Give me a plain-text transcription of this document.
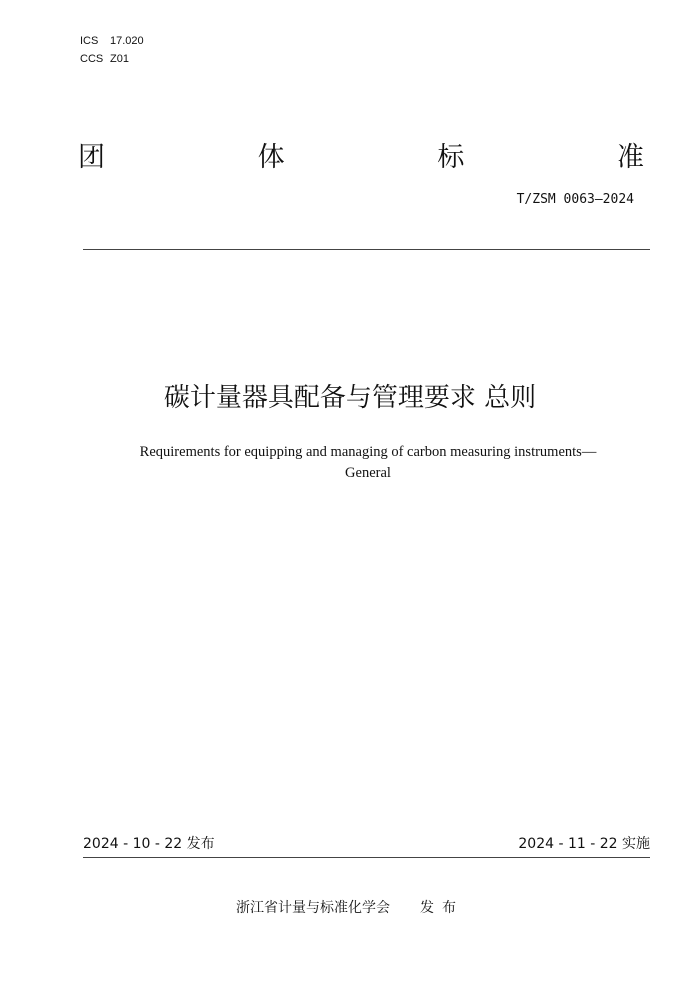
ICS 17.020
CCS Z01
团	体	标	准
T/ZSM 0063—2024
碳计量器具配备与管理要求 总则
Requirements for equipping and managing of carbon measuring instruments—
General
2024 - 10 - 22 发布	2024 - 11 - 22 实施
浙江省计量与标准化学会 发布
